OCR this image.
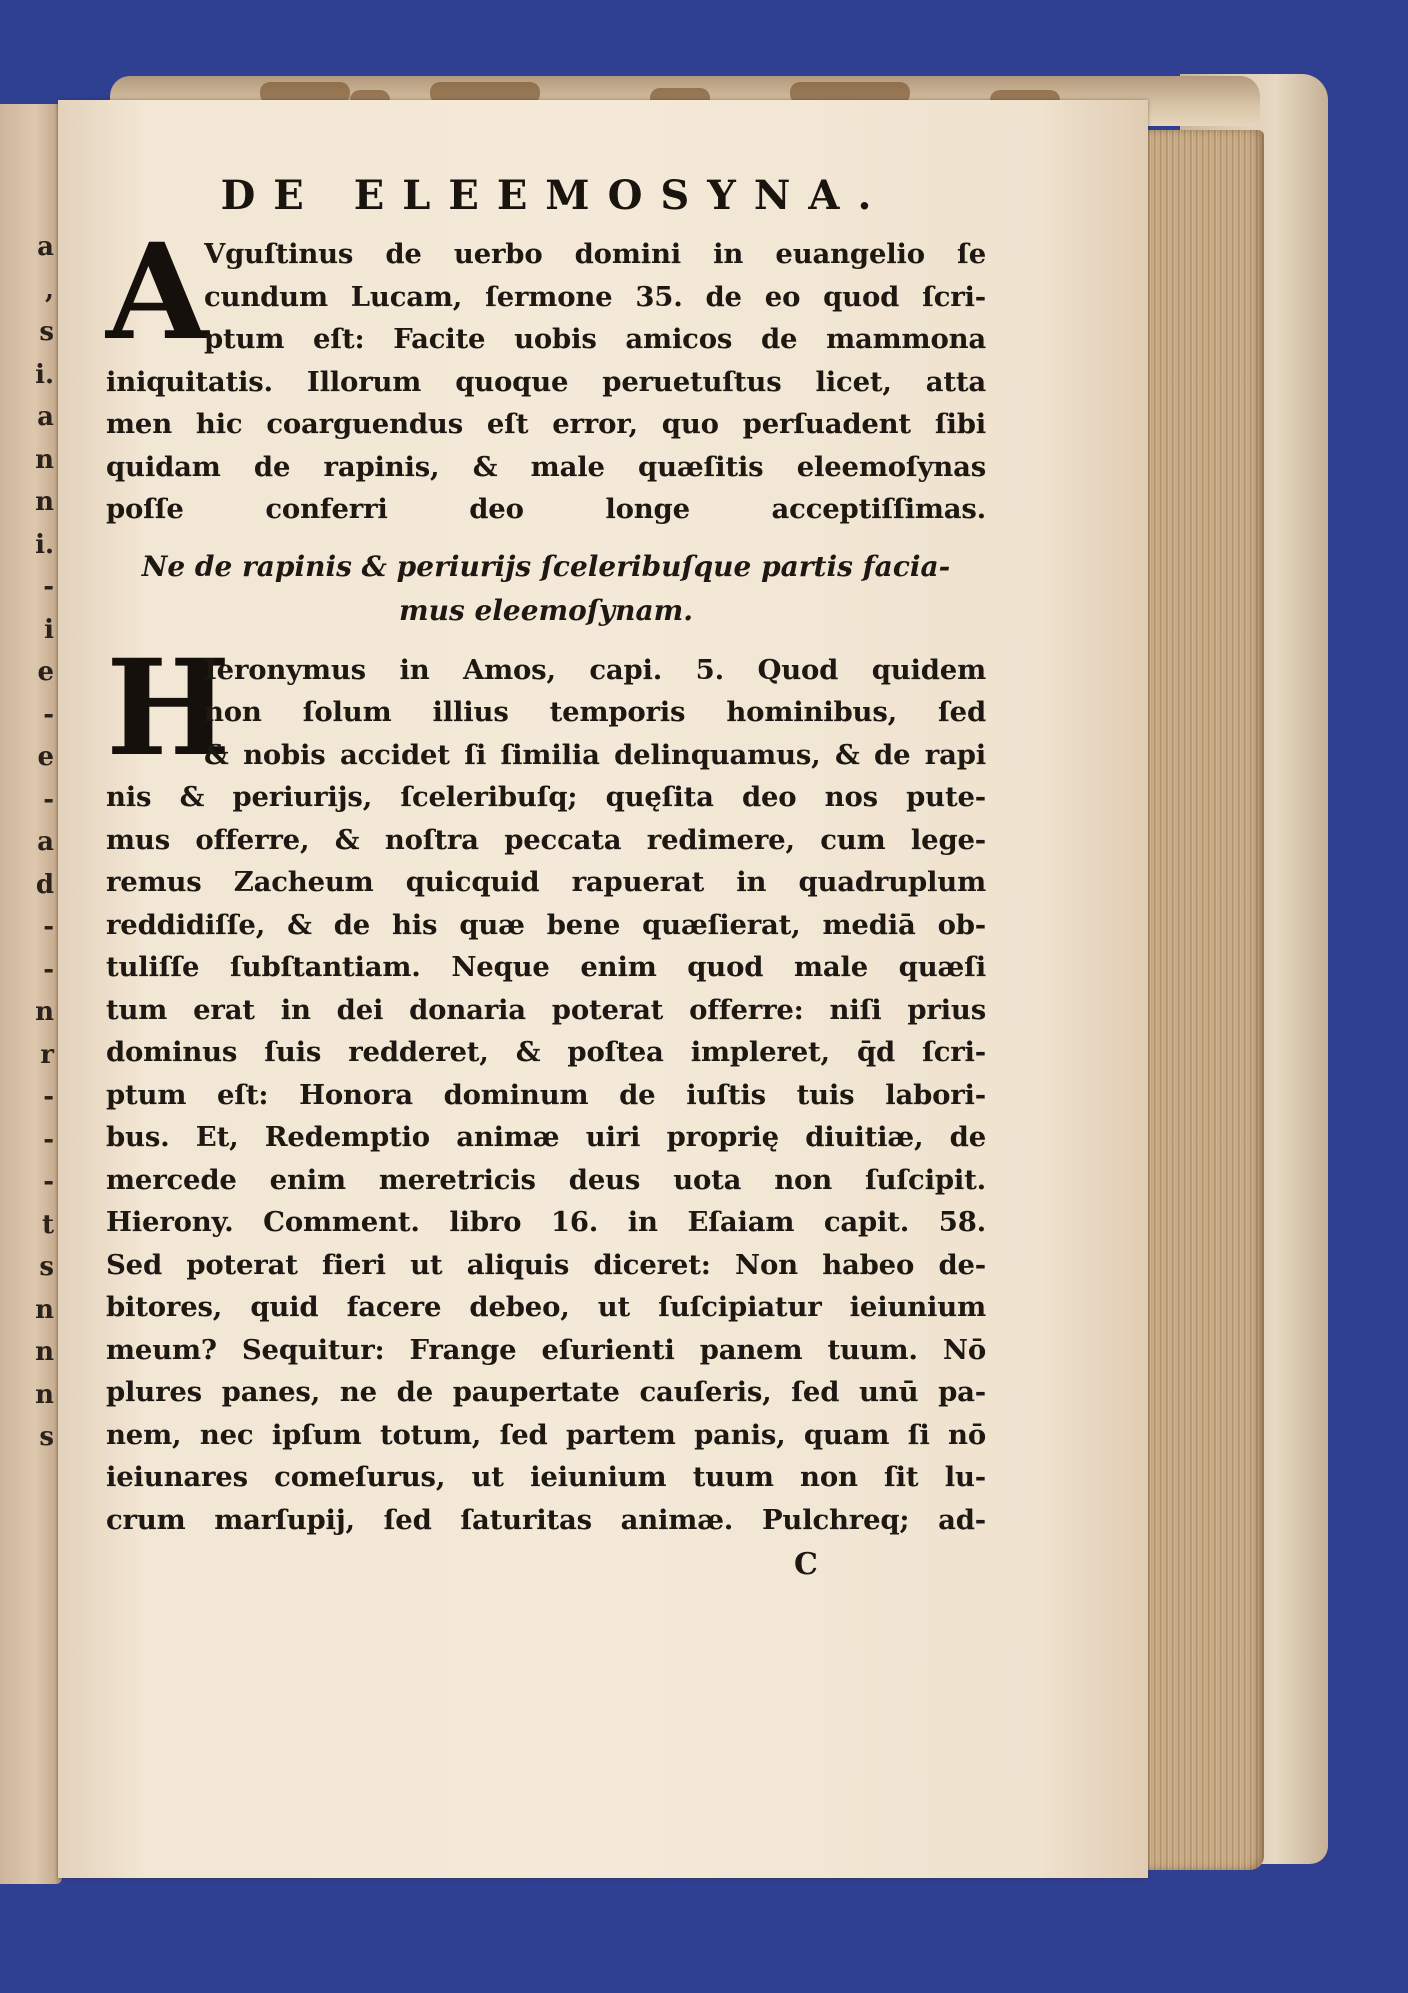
a
,
s
i.
a
n
n
i.
-
i
e
-
e
-
a
d
-
-
n
r
-
-
-
t
s
n
n
n
s
DE ELEEMOSYNA.
A
Vguſtinus de uerbo domini in euangelio ſe
cundum Lucam, ſermone 35. de eo quod ſcri-
ptum eſt: Facite uobis amicos de mammona
iniquitatis. Illorum quoque peruetuſtus licet, atta
men hic coarguendus eſt error, quo perſuadent ſibi
quidam de rapinis, & male quæſitis eleemoſynas
poſſe conferri deo longe acceptiſſimas.
Ne de rapinis & periurijs ſceleribuſque partis facia-
mus eleemoſynam.
H
Ieronymus in Amos, capi. 5. Quod quidem
non ſolum illius temporis hominibus, ſed
& nobis accidet ſi ſimilia delinquamus, & de rapi
nis & periurijs, ſceleribuſq; quęſita deo nos pute-
mus offerre, & noſtra peccata redimere, cum lege-
remus Zacheum quicquid rapuerat in quadruplum
reddidiſſe, & de his quæ bene quæſierat, mediā ob-
tuliſſe ſubſtantiam. Neque enim quod male quæſi
tum erat in dei donaria poterat offerre: niſi prius
dominus ſuis redderet, & poſtea impleret, q̄d ſcri-
ptum eſt: Honora dominum de iuſtis tuis labori-
bus. Et, Redemptio animæ uiri proprię diuitiæ, de
mercede enim meretricis deus uota non ſuſcipit.
Hierony. Comment. libro 16. in Eſaiam capit. 58.
Sed poterat fieri ut aliquis diceret: Non habeo de-
bitores, quid facere debeo, ut ſuſcipiatur ieiunium
meum? Sequitur: Frange eſurienti panem tuum. Nō
plures panes, ne de paupertate cauſeris, ſed unū pa-
nem, nec ipſum totum, ſed partem panis, quam ſi nō
ieiunares comeſurus, ut ieiunium tuum non ſit lu-
crum marſupij, ſed ſaturitas animæ. Pulchreq; ad-
C
